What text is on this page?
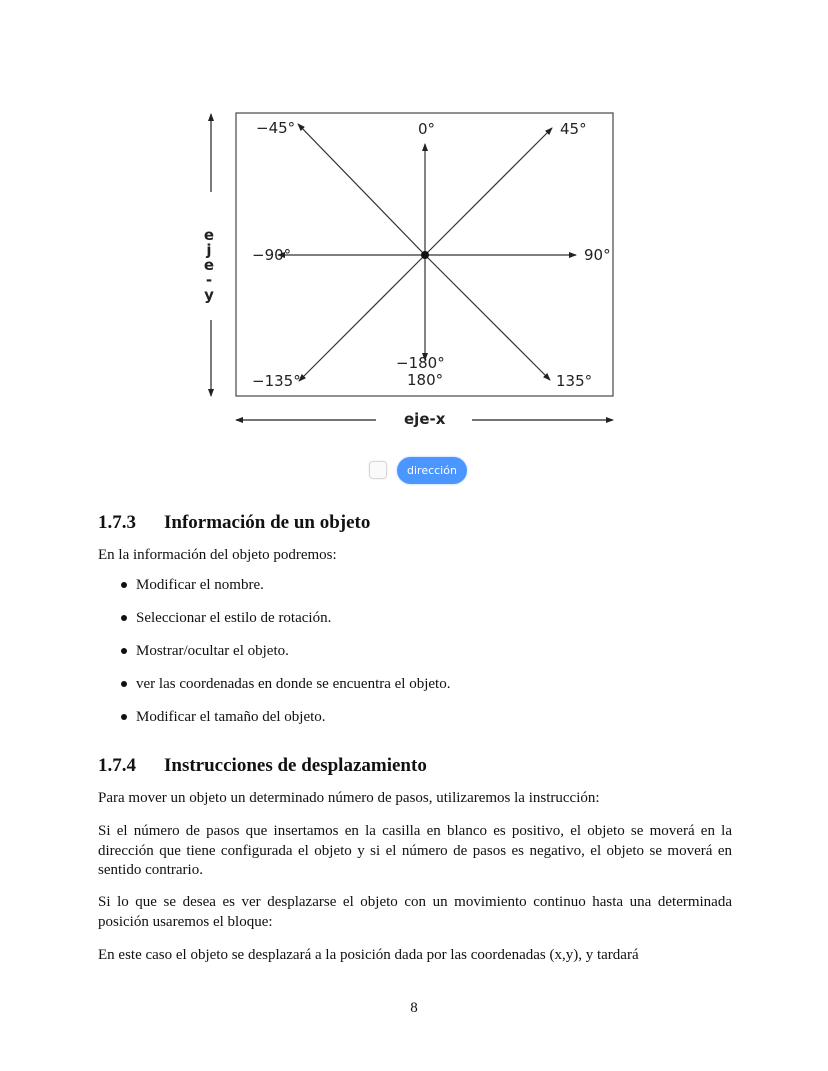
−45°	0°	45°
−90°	90°
−135°
−180°
180°	135°
e
j
e
-
y
eje-x
dirección
1.7.3 Información de un objeto
En la información del objeto podremos:
Modificar el nombre.
Seleccionar el estilo de rotación.
Mostrar/ocultar el objeto.
ver las coordenadas en donde se encuentra el objeto.
Modificar el tamaño del objeto.
1.7.4 Instrucciones de desplazamiento
Para mover un objeto un determinado número de pasos, utilizaremos la instrucción:
Si el número de pasos que insertamos en la casilla en blanco es positivo, el objeto se moverá en la dirección que tiene configurada el objeto y si el número de pasos es negativo, el objeto se moverá en sentido contrario.
Si lo que se desea es ver desplazarse el objeto con un movimiento continuo hasta una determinada posición usaremos el bloque:
En este caso el objeto se desplazará a la posición dada por las coordenadas (x,y), y tardará
8
